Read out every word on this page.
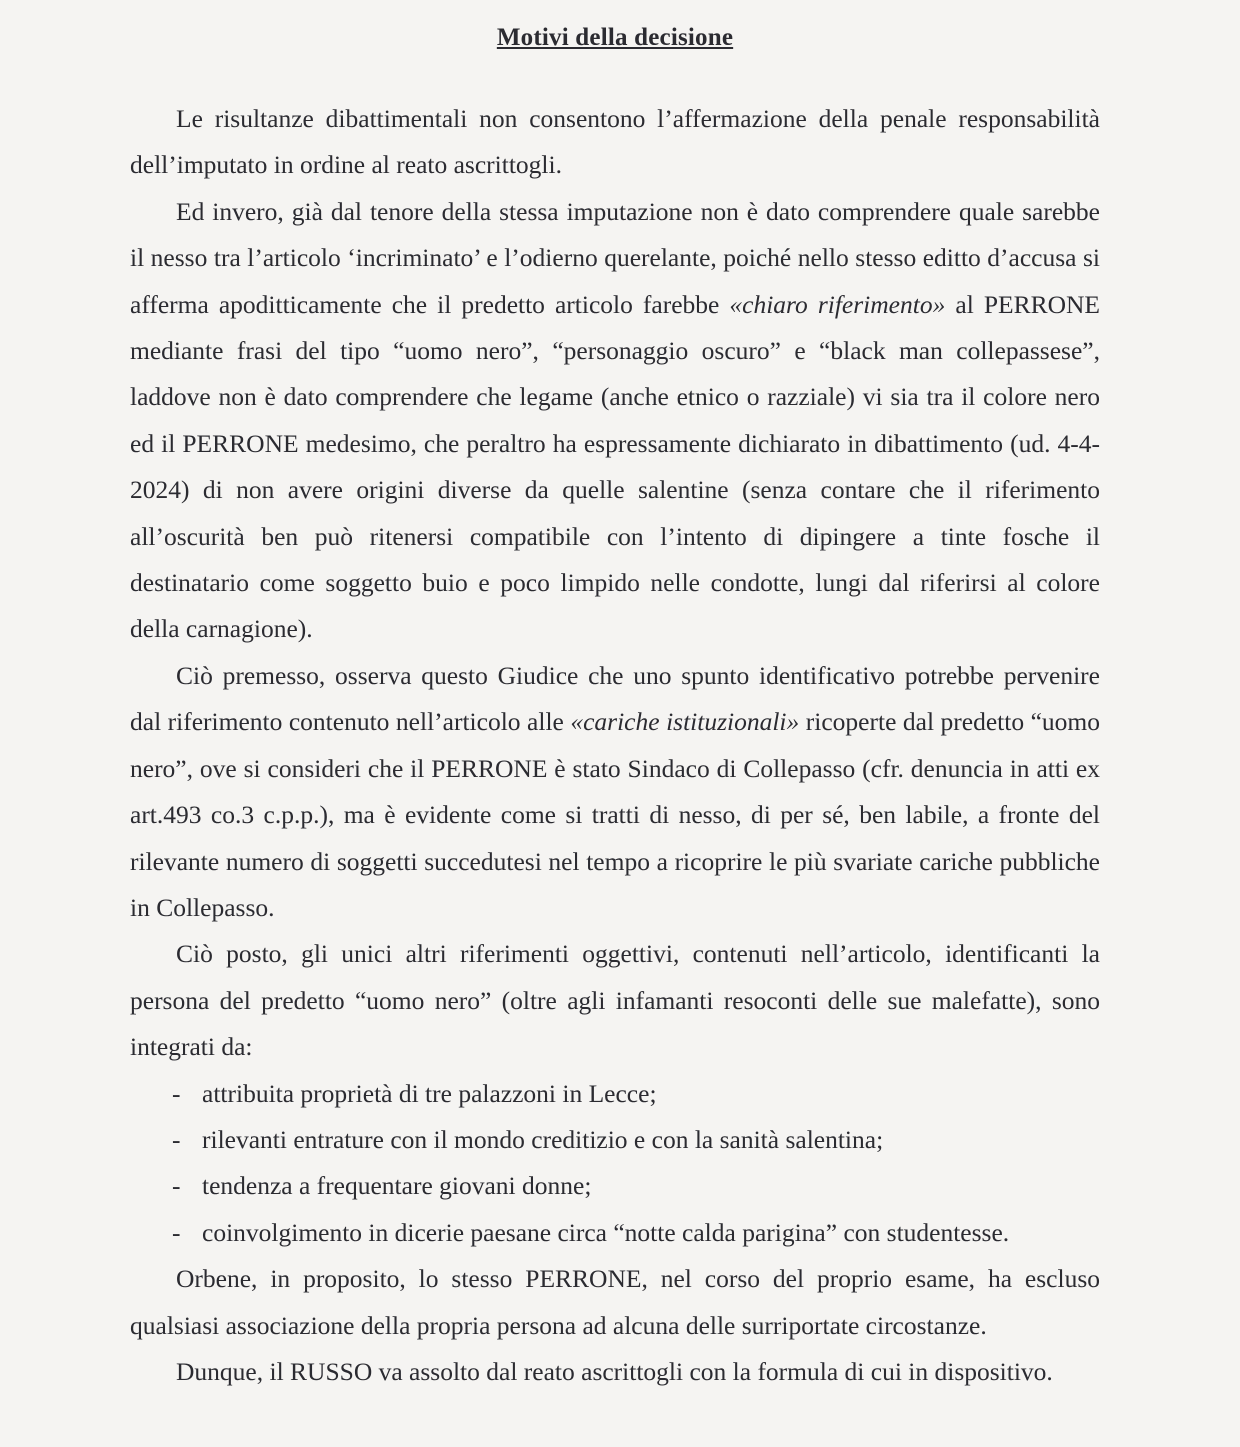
Motivi della decisione

Le risultanze dibattimentali non consentono l’affermazione della penale responsabilità dell’imputato in ordine al reato ascrittogli.

Ed invero, già dal tenore della stessa imputazione non è dato comprendere quale sarebbe il nesso tra l’articolo ‘incriminato’ e l’odierno querelante, poiché nello stesso editto d’accusa si afferma apoditticamente che il predetto articolo farebbe «chiaro riferimento» al PERRONE mediante frasi del tipo “uomo nero”, “personaggio oscuro” e “black man collepassese”, laddove non è dato comprendere che legame (anche etnico o razziale) vi sia tra il colore nero ed il PERRONE medesimo, che peraltro ha espressamente dichiarato in dibattimento (ud. 4-4-2024) di non avere origini diverse da quelle salentine (senza contare che il riferimento all’oscurità ben può ritenersi compatibile con l’intento di dipingere a tinte fosche il destinatario come soggetto buio e poco limpido nelle condotte, lungi dal riferirsi al colore della carnagione).

Ciò premesso, osserva questo Giudice che uno spunto identificativo potrebbe pervenire dal riferimento contenuto nell’articolo alle «cariche istituzionali» ricoperte dal predetto “uomo nero”, ove si consideri che il PERRONE è stato Sindaco di Collepasso (cfr. denuncia in atti ex art.493 co.3 c.p.p.), ma è evidente come si tratti di nesso, di per sé, ben labile, a fronte del rilevante numero di soggetti succedutesi nel tempo a ricoprire le più svariate cariche pubbliche in Collepasso.

Ciò posto, gli unici altri riferimenti oggettivi, contenuti nell’articolo, identificanti la persona del predetto “uomo nero” (oltre agli infamanti resoconti delle sue malefatte), sono integrati da:

- attribuita proprietà di tre palazzoni in Lecce;
- rilevanti entrature con il mondo creditizio e con la sanità salentina;
- tendenza a frequentare giovani donne;
- coinvolgimento in dicerie paesane circa “notte calda parigina” con studentesse.

Orbene, in proposito, lo stesso PERRONE, nel corso del proprio esame, ha escluso qualsiasi associazione della propria persona ad alcuna delle surriportate circostanze.

Dunque, il RUSSO va assolto dal reato ascrittogli con la formula di cui in dispositivo.
